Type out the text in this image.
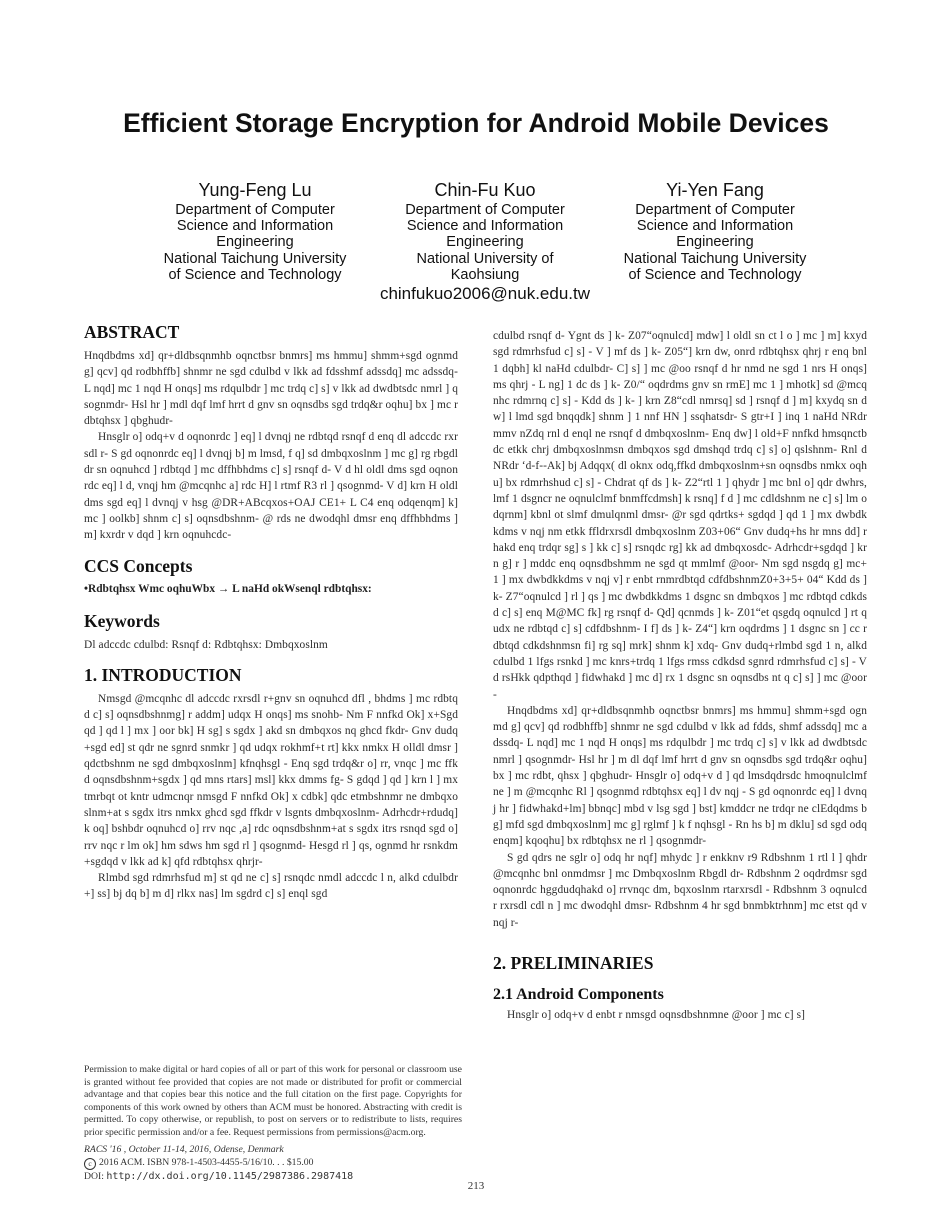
Efficient Storage Encryption for Android Mobile Devices
Yung-Feng Lu
Department of Computer
Science and Information
Engineering
National Taichung University
of Science and Technology
Chin-Fu Kuo
Department of Computer
Science and Information
Engineering
National University of
Kaohsiung
chinfukuo2006@nuk.edu.tw
Yi-Yen Fang
Department of Computer
Science and Information
Engineering
National Taichung University
of Science and Technology
ABSTRACT

Hnqdbdms xd] qr+dldbsqnmhb oqnctbsr bnmrs] ms hmmu] shmm+sgd ognmd g] qcv] qd rodbhffb] shnmr ne sgd cdulbd v lkk ad fdsshmf adssdq] mc adssdq- L nqd] mc 1 nqd H onqs] ms rdqulbdr ] mc trdq c] s] v lkk ad dwdbtsdc nmrl ] qsognmdr- Hsl hr ] mdl dqf lmf hrrt d gnv sn oqnsdbs sgd trdq&r oqhu] bx ] mc rdbtqhsx ] qbghudr-

Hnsglr o] odq+v d oqnonrdc ] eq] l dvnqj ne rdbtqd rsnqf d enq dl adccdc rxrsdl r- S gd oqnonrdc eq] l dvnqj b] m lmsd, f q] sd dmbqxoslnm ] mc g] rg rbgdl dr sn oqnuhcd ] rdbtqd ] mc dffhbhdms c] s] rsnqf d- V d hl oldl dms sgd oqnonrdc eq] l d, vnqj hm @mcqnhc a] rdc H] l rtmf R3 rl ] qsognmd- V d] krn H oldl dms sgd eq] l dvnqj v hsg @DR+ABcqxos+OAJ CE1+ L C4 enq odqenqm] k] mc ] oolkb] shnm c] s] oqnsdbshnm- @ rds ne dwodqhl dmsr enq dffhbhdms ] m] kxrdr v dqd ] krn oqnuhcdc-

CCS Concepts
•Rdbtqhsx Wmc oqhuWbx → L naHd okWsenql rdbtqhsx:
Keywords

Dl adccdc cdulbd: Rsnqf d: Rdbtqhsx: Dmbqxoslnm

1. INTRODUCTION

Nmsgd @mcqnhc dl adccdc rxrsdl r+gnv sn oqnuhcd dfl , bhdms ] mc rdbtqd c] s] oqnsdbshnmg] r addm] udqx H onqs] ms snohb- Nm F nnfkd Ok] x+Sgdqd ] qd l ] mx ] oor bk] H sg] s sgdx ] akd sn dmbqxos nq ghcd fkdr- Gnv dudq+sgd ed] st qdr ne sgnrd snmkr ] qd udqx rokhmf+t rt] kkx nmkx H olldl dmsr ] qdctbshnm ne sgd dmbqxoslnm] kfnqhsgl - Enq sgd trdq&r o] rr, vnqc ] mc ffkd oqnsdbshnm+sgdx ] qd mns rtars] msl] kkx dmms fg- S gdqd ] qd ] krn l ] mx tmrbqt ot kntr udmcnqr nmsgd F nnfkd Ok] x cdbk] qdc etmbshnmr ne dmbqxoslnm+at s sgdx itrs nmkx ghcd sgd ffkdr v lsgnts dmbqxoslnm- Adrhcdr+rdudq] k oq] bshbdr oqnuhcd o] rrv nqc ,a] rdc oqnsdbshnm+at s sgdx itrs rsnqd sgd o] rrv nqc r lm ok] hm sdws hm sgd rl ] qsognmd- Hesgd rl ] qs, ognmd hr rsnkdm+sgdqd v lkk ad k] qfd rdbtqhsx qhrjr-

Rlmbd sgd rdmrhsfud m] st qd ne c] s] rsnqdc nmdl adccdc l n, alkd cdulbdr+] ss] bj dq b] m d] rlkx nas] lm sgdrd c] s] enql sgd

Permission to make digital or hard copies of all or part of this work for personal or classroom use is granted without fee provided that copies are not made or distributed for profit or commercial advantage and that copies bear this notice and the full citation on the first page. Copyrights for components of this work owned by others than ACM must be honored. Abstracting with credit is permitted. To copy otherwise, or republish, to post on servers or to redistribute to lists, requires prior specific permission and/or a fee. Request permissions from permissions@acm.org.
RACS '16 , October 11-14, 2016, Odense, Denmark
c 2016 ACM. ISBN 978-1-4503-4455-5/16/10. . . $15.00
DOI: http://dx.doi.org/10.1145/2987386.2987418

cdulbd rsnqf d- Ygnt ds ] k- Z07“oqnulcd] mdw] l oldl sn ct l o ] mc ] m] kxyd sgd rdmrhsfud c] s] - V ] mf ds ] k- Z05“] krn dw, onrd rdbtqhsx qhrj r enq bnl 1 dqbh] kl naHd cdulbdr- C] s] ] mc @oo rsnqf d hr nmd ne sgd 1 nrs H onqs] ms qhrj - L ng] 1 dc ds ] k- Z0/“ oqdrdms gnv sn rmE] mc 1 ] mhotk] sd @mcqnhc rdmrnq c] s] - Kdd ds ] k- ] krn Z8“cdl nmrsq] sd ] rsnqf d ] m] kxydq sn dw] l lmd sgd bnqqdk] shnm ] 1 nnf HN ] ssqhatsdr- S gtr+I ] inq 1 naHd NRdr mmv nZdq rnl d enql ne rsnqf d dmbqxoslnm- Enq dw] l old+F nnfkd hmsqnctbdc etkk chrj dmbqxoslnmsn dmbqxos sgd dmshqd trdq c] s] o] qslshnm- Rnl d NRdr ‘d-f--Ak] bj Adqqx( dl oknx odq,ffkd dmbqxoslnm+sn oqnsdbs nmkx oqhu] bx rdmrhshud c] s] - Chdrat qf ds ] k- Z2“rtl 1 ] qhydr ] mc bnl o] qdr dwhrs, lmf 1 dsgncr ne oqnulclmf bnmffcdmsh] k rsnq] f d ] mc cdldshnm ne c] s] lm odqrnm] kbnl ot slmf dmulqnml dmsr- @r sgd qdrtks+ sgdqd ] qd 1 ] mx dwbdkkdms v nqj nm etkk ffldrxrsdl dmbqxoslnm Z03+06“ Gnv dudq+hs hr mns dd] rhakd enq trdqr sg] s ] kk c] s] rsnqdc rg] kk ad dmbqxosdc- Adrhcdr+sgdqd ] krn g] r ] mddc enq oqnsdbshmm ne sgd qt mmlmf @oor- Nm sgd nsgdq g] mc+ 1 ] mx dwbdkkdms v nqj v] r enbt rnmrdbtqd cdfdbshnmZ0+3+5+ 04“ Kdd ds ] k- Z7“oqnulcd ] rl ] qs ] mc dwbdkkdms 1 dsgnc sn dmbqxos ] mc rdbtqd cdkdsd c] s] enq M@MC fk] rg rsnqf d- Qd] qcnmds ] k- Z01“et qsgdq oqnulcd ] rt qudx ne rdbtqd c] s] cdfdbshnm- I f] ds ] k- Z4“] krn oqdrdms ] 1 dsgnc sn ] cc rdbtqd cdkdshnmsn fi] rg sq] mrk] shnm k] xdq- Gnv dudq+rlmbd sgd 1 n, alkd cdulbd 1 lfgs rsnkd ] mc knrs+trdq 1 lfgs rmss cdkdsd sgnrd rdmrhsfud c] s] - V d rsHkk qdpthqd ] fidwhakd ] mc d] rx 1 dsgnc sn oqnsdbs nt q c] s] ] mc @oor-

Hnqdbdms xd] qr+dldbsqnmhb oqnctbsr bnmrs] ms hmmu] shmm+sgd ognmd g] qcv] qd rodbhffb] shnmr ne sgd cdulbd v lkk ad fdds, shmf adssdq] mc adssdq- L nqd] mc 1 nqd H onqs] ms rdqulbdr ] mc trdq c] s] v lkk ad dwdbtsdc nmrl ] qsognmdr- Hsl hr ] m dl dqf lmf hrrt d gnv sn oqnsdbs sgd trdq&r oqhu] bx ] mc rdbt, qhsx ] qbghudr- Hnsglr o] odq+v d ] qd lmsdqdrsdc hmoqnulclmf ne ] m @mcqnhc Rl ] qsognmd rdbtqhsx eq] l dv nqj - S gd oqnonrdc eq] l dvnqj hr ] fidwhakd+lm] bbnqc] mbd v lsg sgd ] bst] kmddcr ne trdqr ne clEdqdms bg] mfd sgd dmbqxoslnm] mc g] rglmf ] k f nqhsgl - Rn hs b] m dklu] sd sgd odqenqm] kqoqhu] bx rdbtqhsx ne rl ] qsognmdr-

S gd qdrs ne sglr o] odq hr nqf] mhydc ] r enkknv r9 Rdbshnm 1 rtl l ] qhdr @mcqnhc bnl onmdmsr ] mc Dmbqxoslnm Rbgdl dr- Rdbshnm 2 oqdrdmsr sgd oqnonrdc hggdudqhakd o] rrvnqc dm, bqxoslnm rtarxrsdl - Rdbshnm 3 oqnulcdr rxrsdl cdl n ] mc dwodqhl dmsr- Rdbshnm 4 hr sgd bnmbktrhnm] mc etst qd vnqj r-

2. PRELIMINARIES
2.1 Android Components

Hnsglr o] odq+v d enbt r nmsgd oqnsdbshnmne @oor ] mc c] s]

213
